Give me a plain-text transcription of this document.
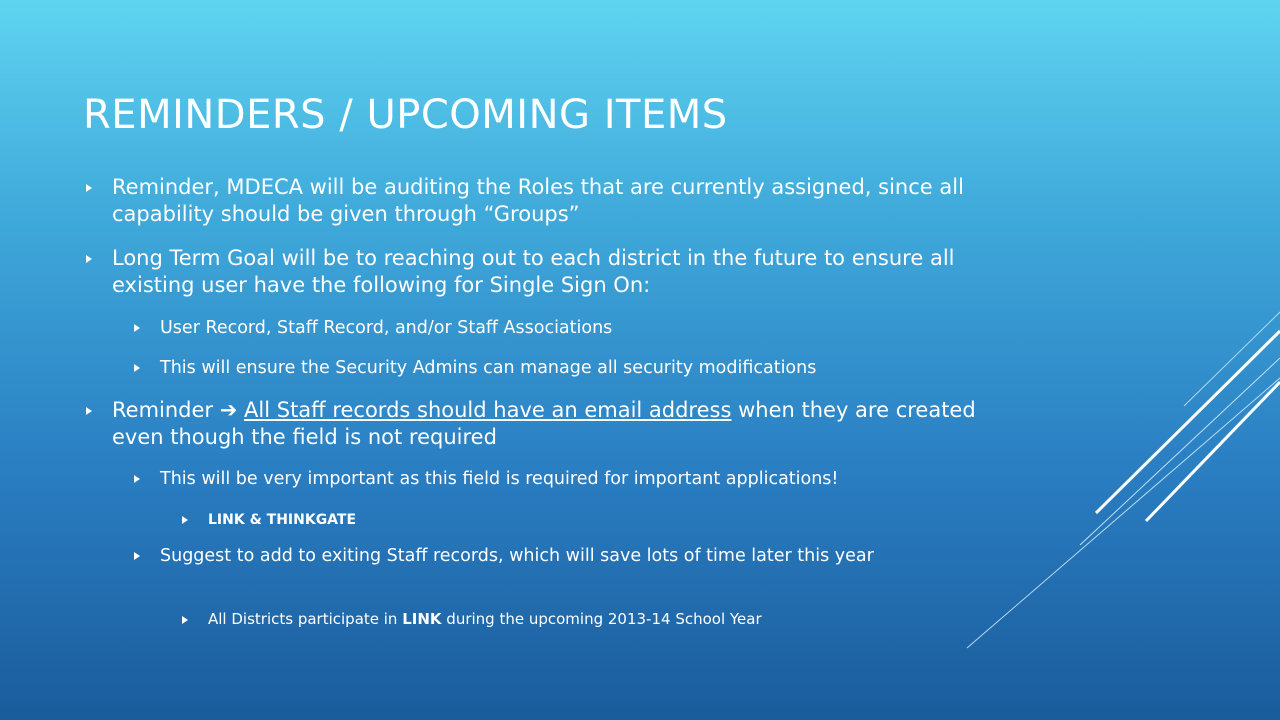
REMINDERS / UPCOMING ITEMS
Reminder, MDECA will be auditing the Roles that are currently assigned, since all capability should be given through “Groups”
Long Term Goal will be to reaching out to each district in the future to ensure all existing user have the following for Single Sign On:
User Record, Staff Record, and/or Staff Associations
This will ensure the Security Admins can manage all security modifications
Reminder ➔ All Staff records should have an email address when they are created even though the field is not required
This will be very important as this field is required for important applications!
LINK & THINKGATE
Suggest to add to exiting Staff records, which will save lots of time later this year
All Districts participate in LINK during the upcoming 2013-14 School Year
